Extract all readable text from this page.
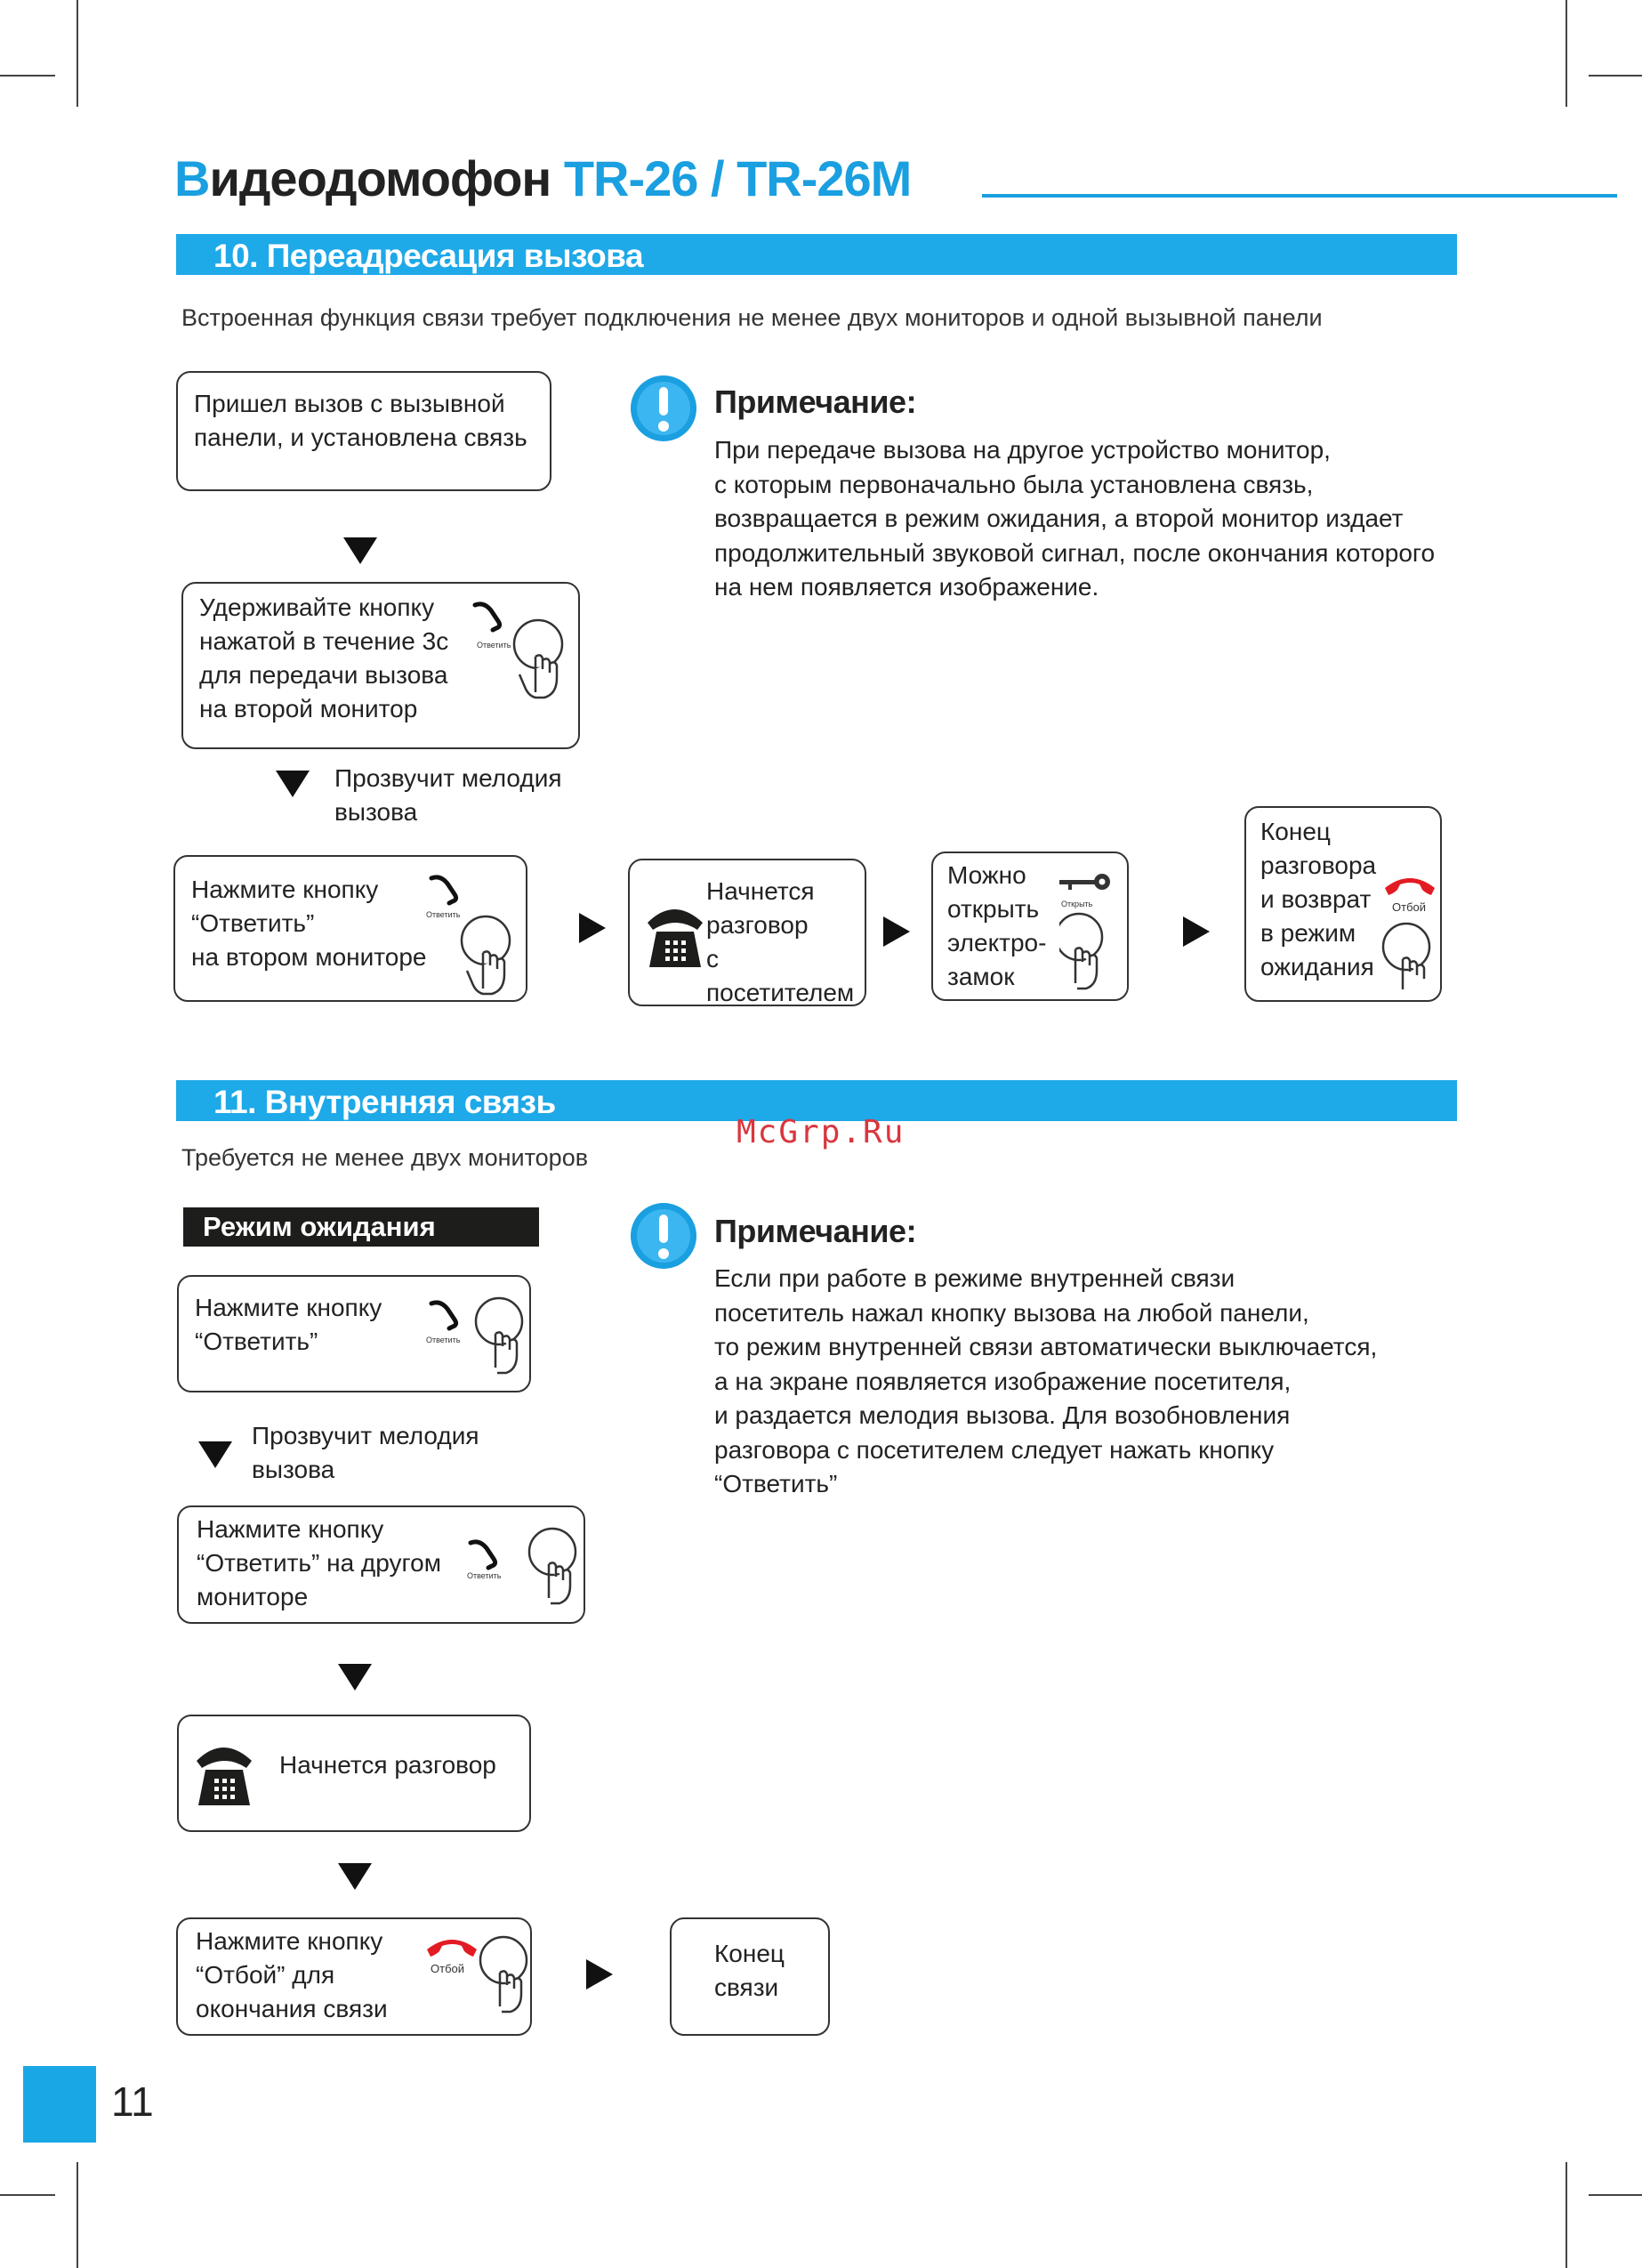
Видеодомофон TR-26 / TR-26M
10. Переадресация вызова
Встроенная функция связи требует подключения не менее двух мониторов и одной вызывной панели
Пришел вызов с вызывной
панели, и установлена связь
Удерживайте кнопку
нажатой в течение 3с
для передачи вызова
на второй монитор
Ответить
Прозвучит мелодия
вызова
Нажмите кнопку
“Ответить”
на втором мониторе
Ответить
Начнется
разговор
с посетителем
Можно
открыть
электро-
замок
Открыть
Конец
разговора
и возврат
в режим
ожидания
Отбой
Примечание:
При передаче вызова на другое устройство монитор,
с которым первоначально была установлена связь,
возвращается в режим ожидания, а второй монитор издает
продолжительный звуковой сигнал, после окончания которого
на нем появляется изображение.
11. Внутренняя связь
McGrp.Ru
Требуется не менее двух мониторов
Режим ожидания
Нажмите кнопку
“Ответить”	Ответить
Прозвучит мелодия
вызова
Нажмите кнопку
“Ответить” на другом
мониторе
Ответить
Начнется разговор
Нажмите кнопку
“Отбой” для
окончания связи
Отбой
Конец
связи
Примечание:
Если при работе в режиме внутренней связи
посетитель нажал кнопку вызова на любой панели,
то режим внутренней связи автоматически выключается,
а на экране появляется изображение посетителя,
и раздается мелодия вызова. Для возобновления
разговора с посетителем следует нажать кнопку
“Ответить”
11
